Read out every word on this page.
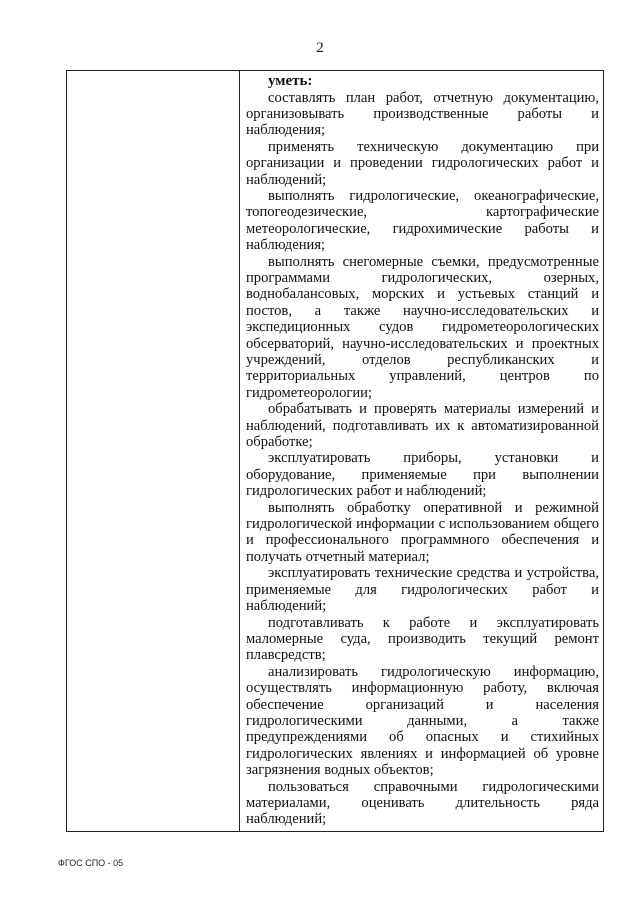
2

уметь:

составлять план работ, отчетную документацию, организовывать производственные работы и наблюдения;

применять техническую документацию при организации и проведении гидрологических работ и наблюдений;

выполнять гидрологические, океанографические, топогеодезические, картографические метеорологические, гидрохимические работы и наблюдения;

выполнять снегомерные съемки, предусмотренные программами гидрологических, озерных, воднобалансовых, морских и устьевых станций и постов, а также научно-исследовательских и экспедиционных судов гидрометеорологических обсерваторий, научно-исследовательских и проектных учреждений, отделов республиканских и территориальных управлений, центров по гидрометеорологии;

обрабатывать и проверять материалы измерений и наблюдений, подготавливать их к автоматизированной обработке;

эксплуатировать приборы, установки и оборудование, применяемые при выполнении гидрологических работ и наблюдений;

выполнять обработку оперативной и режимной гидрологической информации с использованием общего и профессионального программного обеспечения и получать отчетный материал;

эксплуатировать технические средства и устройства, применяемые для гидрологических работ и наблюдений;

подготавливать к работе и эксплуатировать маломерные суда, производить текущий ремонт плавсредств;

анализировать гидрологическую информацию, осуществлять информационную работу, включая обеспечение организаций и населения гидрологическими данными, а также предупреждениями об опасных и стихийных гидрологических явлениях и информацией об уровне загрязнения водных объектов;

пользоваться справочными гидрологическими материалами, оценивать длительность ряда наблюдений;

ФГОС СПО - 05
